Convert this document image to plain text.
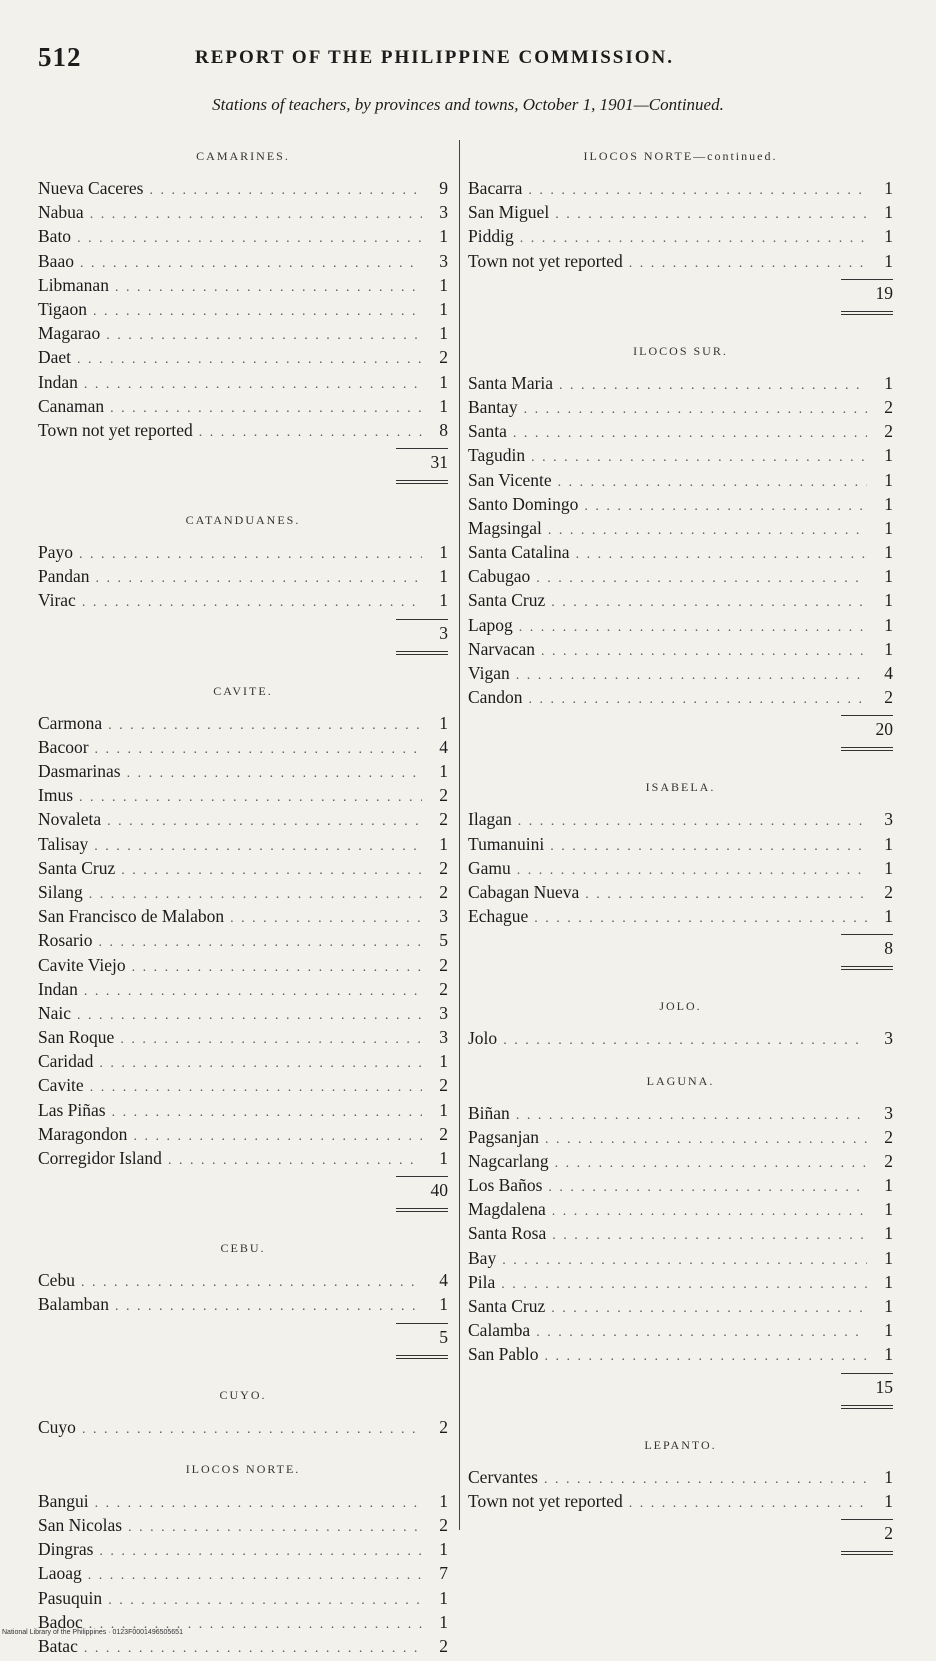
512	REPORT OF THE PHILIPPINE COMMISSION.
Stations of teachers, by provinces and towns, October 1, 1901—Continued.
CAMARINES.
Nueva Caceres . . .	9
Nabua . . .	3
Bato . . .	1
Baao . . .	3
Libmanan . . .	1
Tigaon . . .	1
Magarao . . .	1
Daet . . .	2
Indan . . .	1
Canaman . . .	1
Town not yet reported . . .	8
31
CATANDUANES.
Payo . . .	1
Pandan . . .	1
Virac . . .	1
3
CAVITE.
Carmona . . .	1
Bacoor . . .	4
Dasmarinas . . .	1
Imus . . .	2
Novaleta . . .	2
Talisay . . .	1
Santa Cruz . . .	2
Silang . . .	2
San Francisco de Malabon . . .	3
Rosario . . .	5
Cavite Viejo . . .	2
Indan . . .	2
Naic . . .	3
San Roque . . .	3
Caridad . . .	1
Cavite . . .	2
Las Piñas . . .	1
Maragondon . . .	2
Corregidor Island . . .	1
40
CEBU.
Cebu . . .	4
Balamban . . .	1
5
CUYO.
Cuyo . . .	2
ILOCOS NORTE.
Bangui . . .	1
San Nicolas . . .	2
Dingras . . .	1
Laoag . . .	7
Pasuquin . . .	1
Badoc . . .	1
Batac . . .	2
ILOCOS NORTE—continued.
Bacarra . . .	1
San Miguel . . .	1
Piddig . . .	1
Town not yet reported . . .	1
19
ILOCOS SUR.
Santa Maria . . .	1
Bantay . . .	2
Santa . . .	2
Tagudin . . .	1
San Vicente . . .	1
Santo Domingo . . .	1
Magsingal . . .	1
Santa Catalina . . .	1
Cabugao . . .	1
Santa Cruz . . .	1
Lapog . . .	1
Narvacan . . .	1
Vigan . . .	4
Candon . . .	2
20
ISABELA.
Ilagan . . .	3
Tumanuini . . .	1
Gamu . . .	1
Cabagan Nueva . . .	2
Echague . . .	1
8
JOLO.
Jolo . . .	3
LAGUNA.
Biñan . . .	3
Pagsanjan . . .	2
Nagcarlang . . .	2
Los Baños . . .	1
Magdalena . . .	1
Santa Rosa . . .	1
Bay . . .	1
Pila . . .	1
Santa Cruz . . .	1
Calamba . . .	1
San Pablo . . .	1
15
LEPANTO.
Cervantes . . .	1
Town not yet reported . . .	1
2
National Library of the Philippines · 0123F0001496505651
